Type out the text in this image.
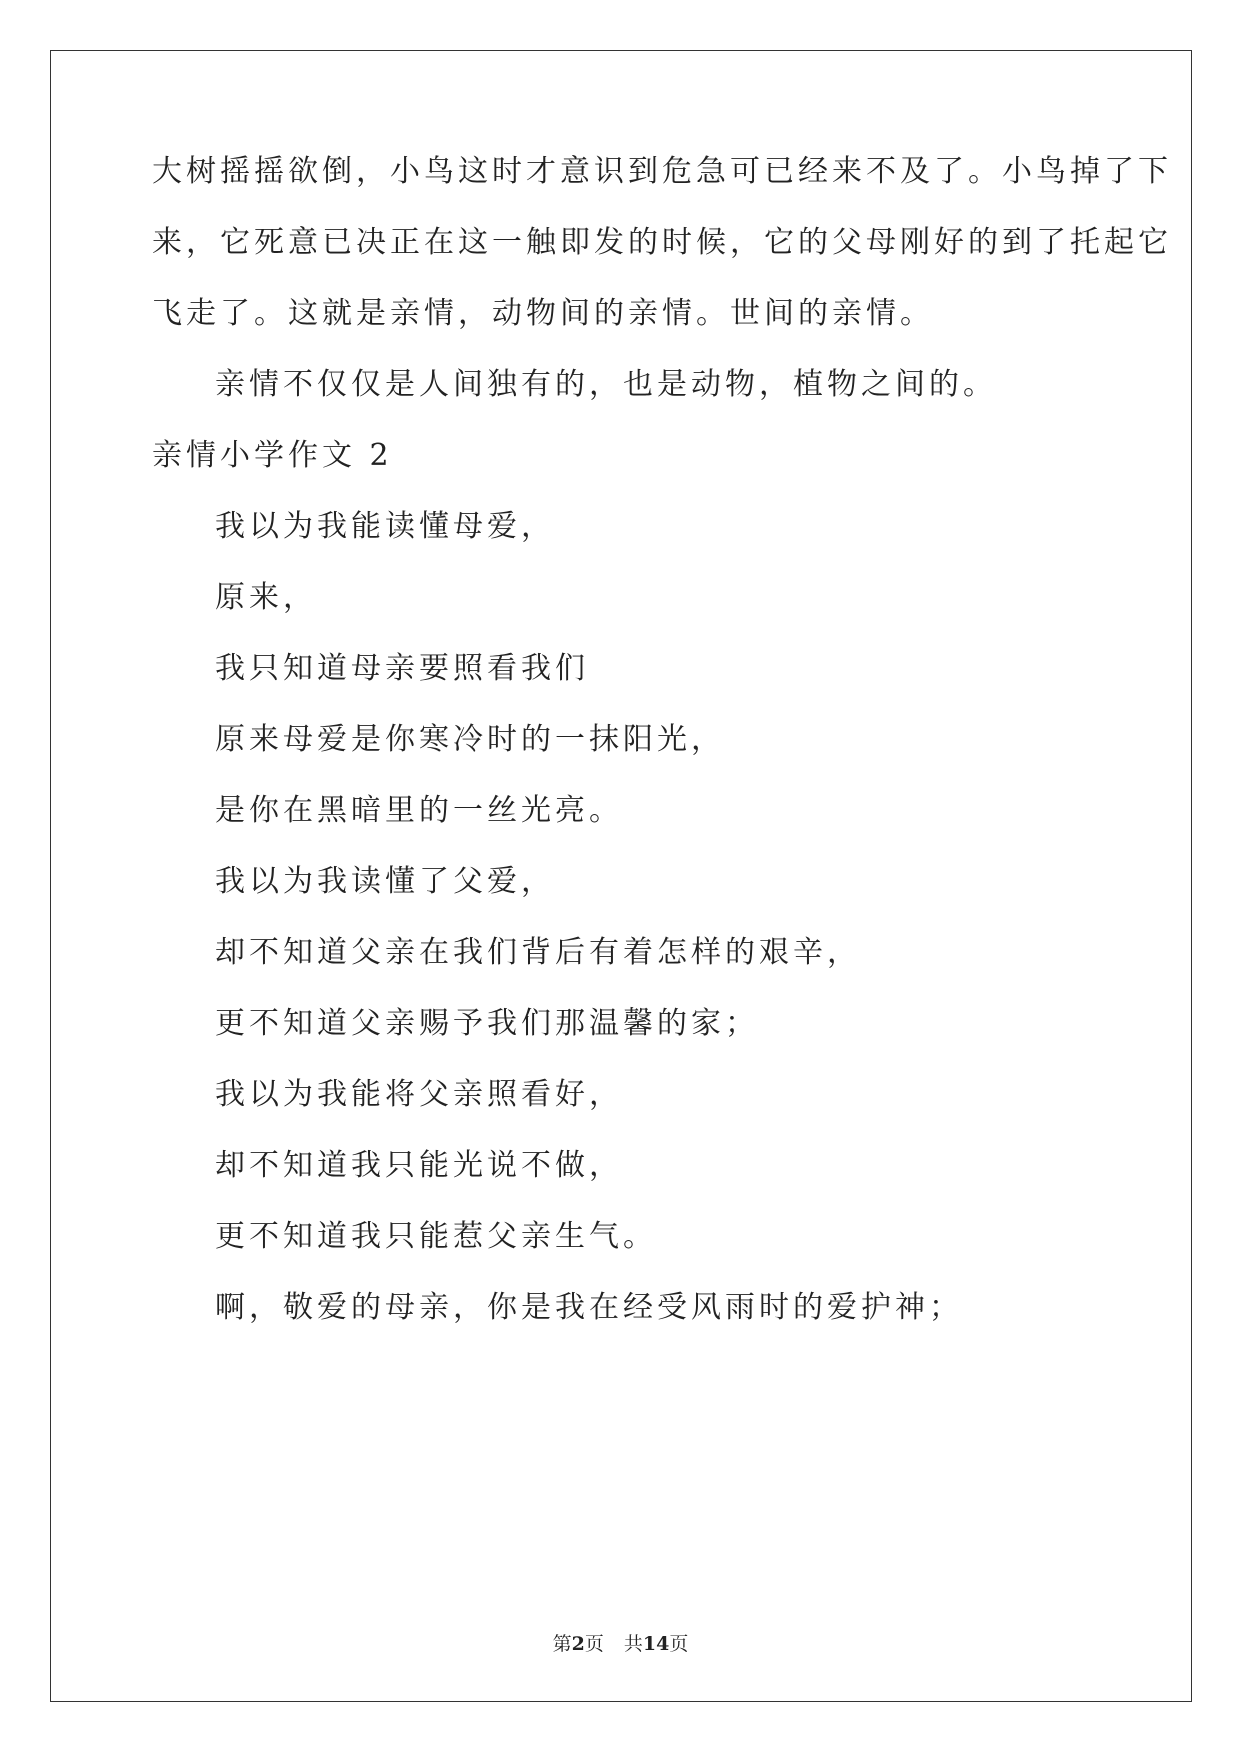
大树摇摇欲倒，小鸟这时才意识到危急可已经来不及了。小鸟掉了下
来，它死意已决正在这一触即发的时候，它的父母刚好的到了托起它
飞走了。这就是亲情，动物间的亲情。世间的亲情。
亲情不仅仅是人间独有的，也是动物，植物之间的。
亲情小学作文 2
我以为我能读懂母爱，
原来，
我只知道母亲要照看我们
原来母爱是你寒冷时的一抹阳光，
是你在黑暗里的一丝光亮。
我以为我读懂了父爱，
却不知道父亲在我们背后有着怎样的艰辛，
更不知道父亲赐予我们那温馨的家；
我以为我能将父亲照看好，
却不知道我只能光说不做，
更不知道我只能惹父亲生气。
啊，敬爱的母亲，你是我在经受风雨时的爱护神；
第2页 共14页
